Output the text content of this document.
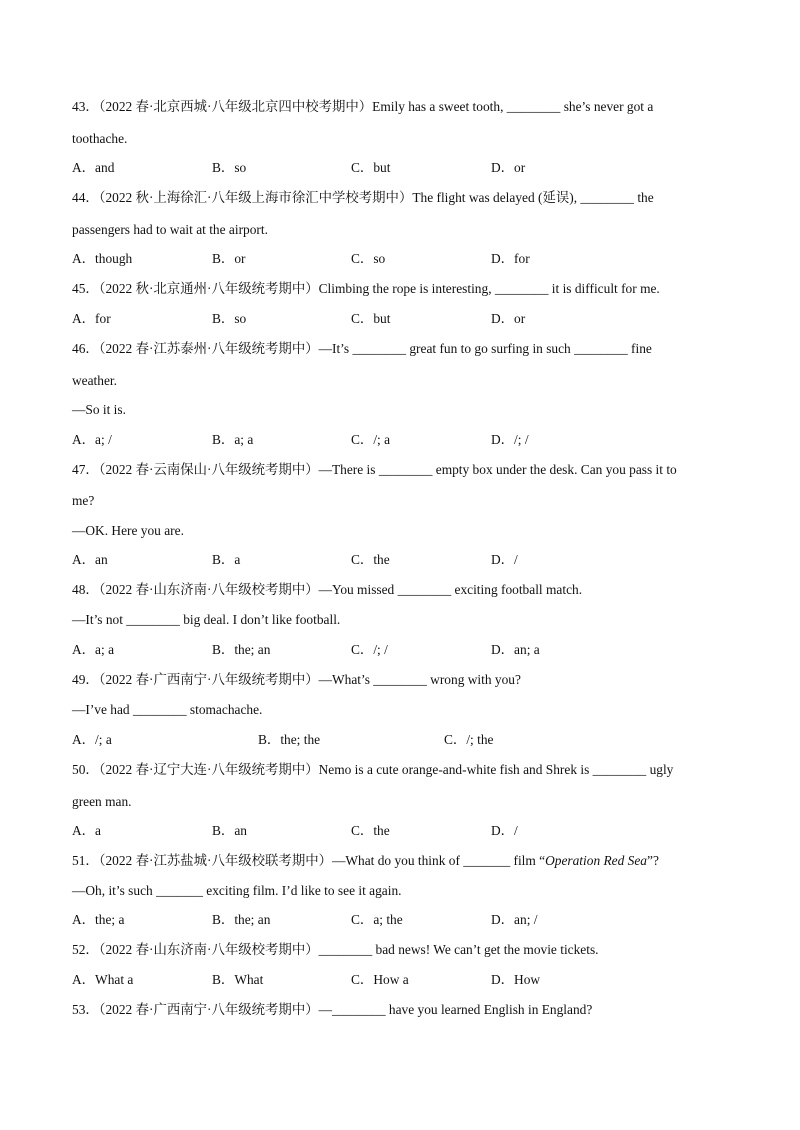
43．（2022 春·北京西城·八年级北京四中校考期中）Emily has a sweet tooth, ________ she’s never got a
toothache.
A．and	B．so	C．but	D．or
44．（2022 秋·上海徐汇·八年级上海市徐汇中学校考期中）The flight was delayed (延误), ________ the
passengers had to wait at the airport.
A．though	B．or	C．so	D．for
45．（2022 秋·北京通州·八年级统考期中）Climbing the rope is interesting, ________ it is difficult for me.
A．for	B．so	C．but	D．or
46．（2022 春·江苏泰州·八年级统考期中）—It’s ________ great fun to go surfing in such ________ fine
weather.
—So it is.
A．a; /	B．a; a	C．/; a	D．/; /
47．（2022 春·云南保山·八年级统考期中）—There is ________ empty box under the desk. Can you pass it to
me?
—OK. Here you are.
A．an	B．a	C．the	D．/
48．（2022 春·山东济南·八年级校考期中）—You missed ________ exciting football match.
—It’s not ________ big deal. I don’t like football.
A．a; a	B．the; an	C．/; /	D．an; a
49．（2022 春·广西南宁·八年级统考期中）—What’s ________ wrong with you?
—I’ve had ________ stomachache.
A．/; a	B．the; the	C．/; the
50．（2022 春·辽宁大连·八年级统考期中）Nemo is a cute orange-and-white fish and Shrek is ________ ugly
green man.
A．a	B．an	C．the	D．/
51．（2022 春·江苏盐城·八年级校联考期中）—What do you think of _______ film “Operation Red Sea”?
—Oh, it’s such _______ exciting film. I’d like to see it again.
A．the; a	B．the; an	C．a; the	D．an; /
52．（2022 春·山东济南·八年级校考期中）________ bad news! We can’t get the movie tickets.
A．What a	B．What	C．How a	D．How
53．（2022 春·广西南宁·八年级统考期中）—________ have you learned English in England?
